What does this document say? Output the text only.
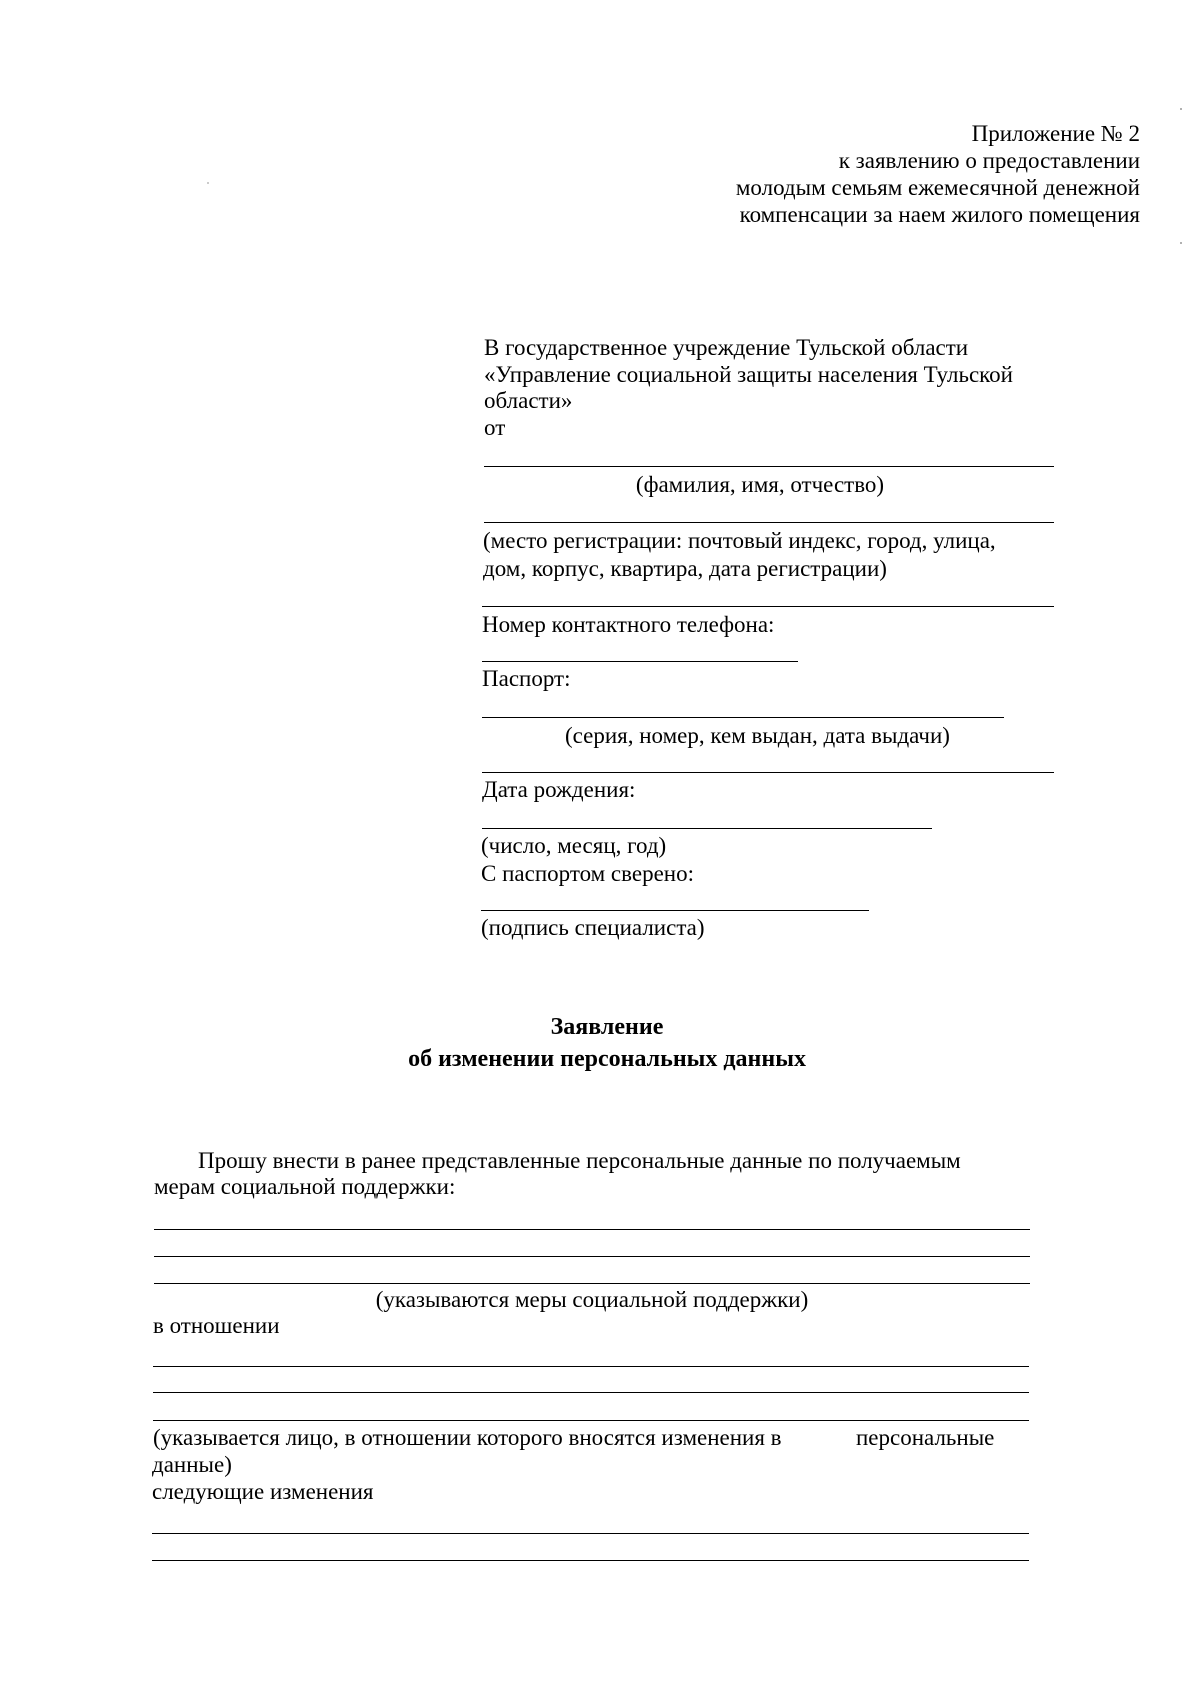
Приложение № 2
к заявлению о предоставлении
молодым семьям ежемесячной денежной
компенсации за наем жилого помещения
В государственное учреждение Тульской области
«Управление социальной защиты населения Тульской
области»
от
(фамилия, имя, отчество)
(место регистрации: почтовый индекс, город, улица,
дом, корпус, квартира, дата регистрации)
Номер контактного телефона:
Паспорт:
(серия, номер, кем выдан, дата выдачи)
Дата рождения:
(число, месяц, год)
С паспортом сверено:
(подпись специалиста)
Заявление
об изменении персональных данных
Прошу внести в ранее представленные персональные данные по получаемым
мерам социальной поддержки:
(указываются меры социальной поддержки)
в отношении
(указывается лицо, в отношении которого вносятся изменения в	персональные
данные)
следующие изменения
